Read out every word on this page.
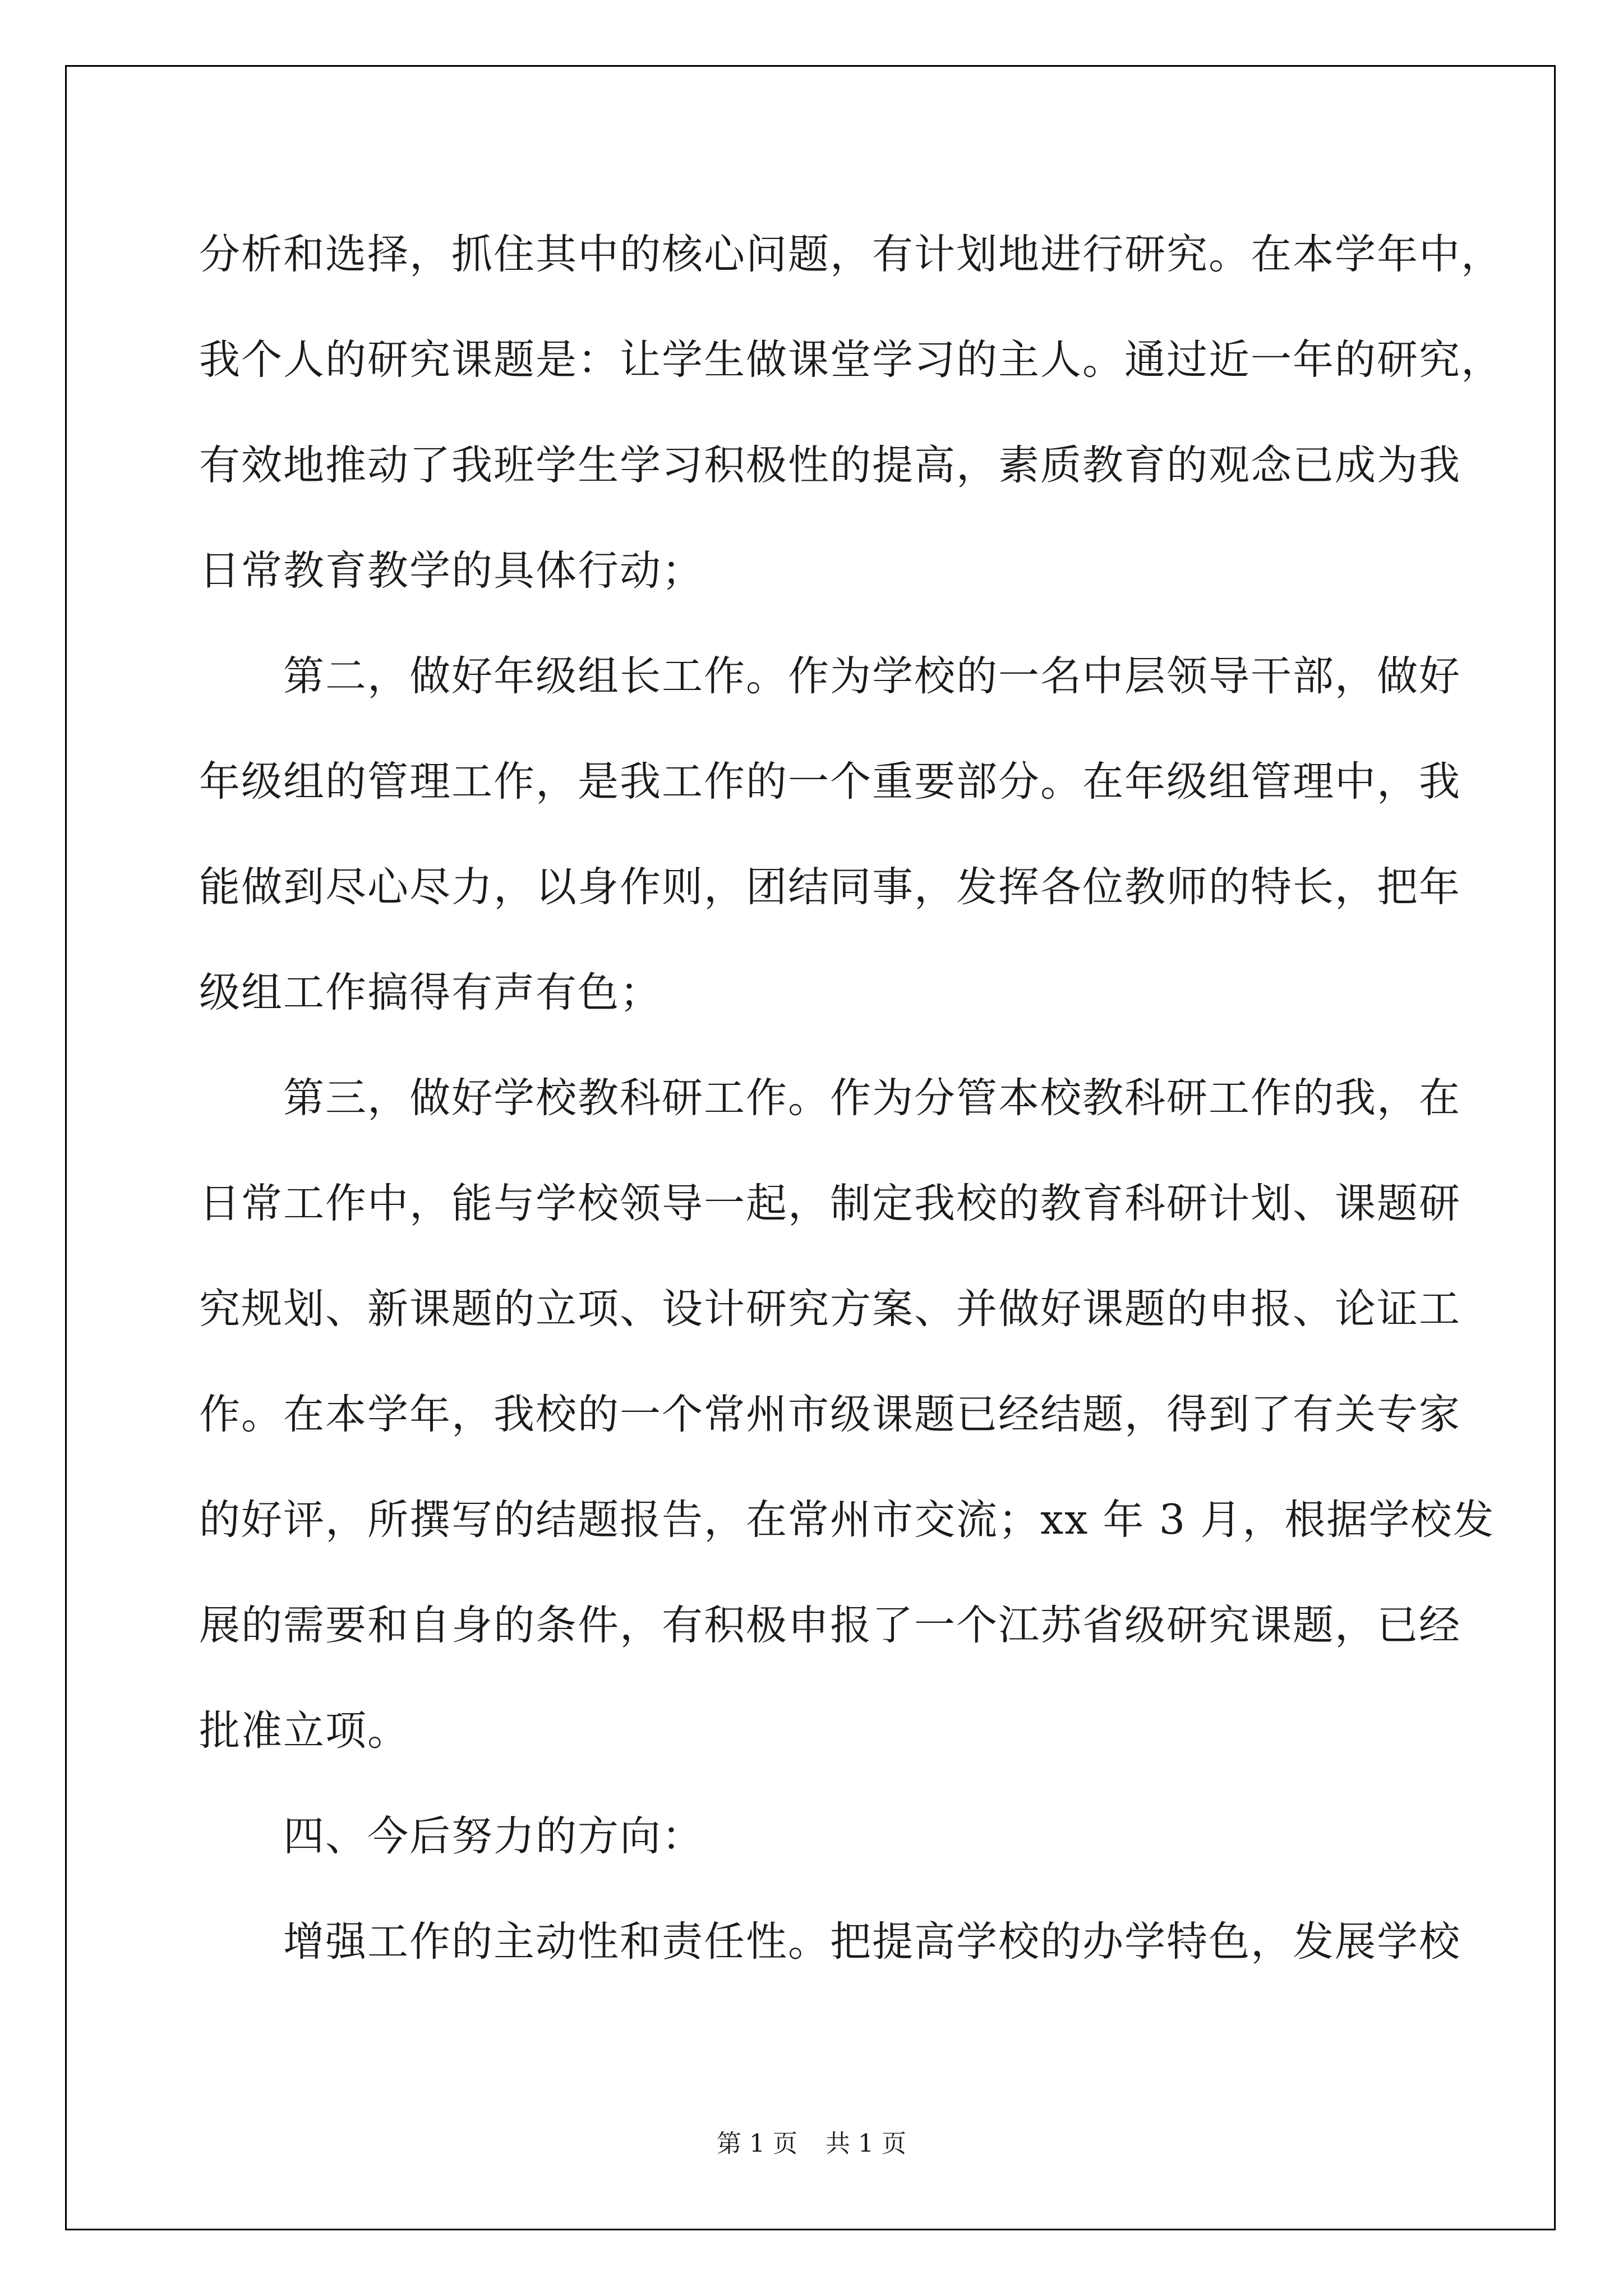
分析和选择，抓住其中的核心问题，有计划地进行研究。在本学年中，
我个人的研究课题是：让学生做课堂学习的主人。通过近一年的研究，
有效地推动了我班学生学习积极性的提高，素质教育的观念已成为我
日常教育教学的具体行动；
第二，做好年级组长工作。作为学校的一名中层领导干部，做好
年级组的管理工作，是我工作的一个重要部分。在年级组管理中，我
能做到尽心尽力，以身作则，团结同事，发挥各位教师的特长，把年
级组工作搞得有声有色；
第三，做好学校教科研工作。作为分管本校教科研工作的我，在
日常工作中，能与学校领导一起，制定我校的教育科研计划、课题研
究规划、新课题的立项、设计研究方案、并做好课题的申报、论证工
作。在本学年，我校的一个常州市级课题已经结题，得到了有关专家
的好评，所撰写的结题报告，在常州市交流；xx 年 3 月，根据学校发
展的需要和自身的条件，有积极申报了一个江苏省级研究课题，已经
批准立项。
四、今后努力的方向：
增强工作的主动性和责任性。把提高学校的办学特色，发展学校
第 1 页 共 1 页
